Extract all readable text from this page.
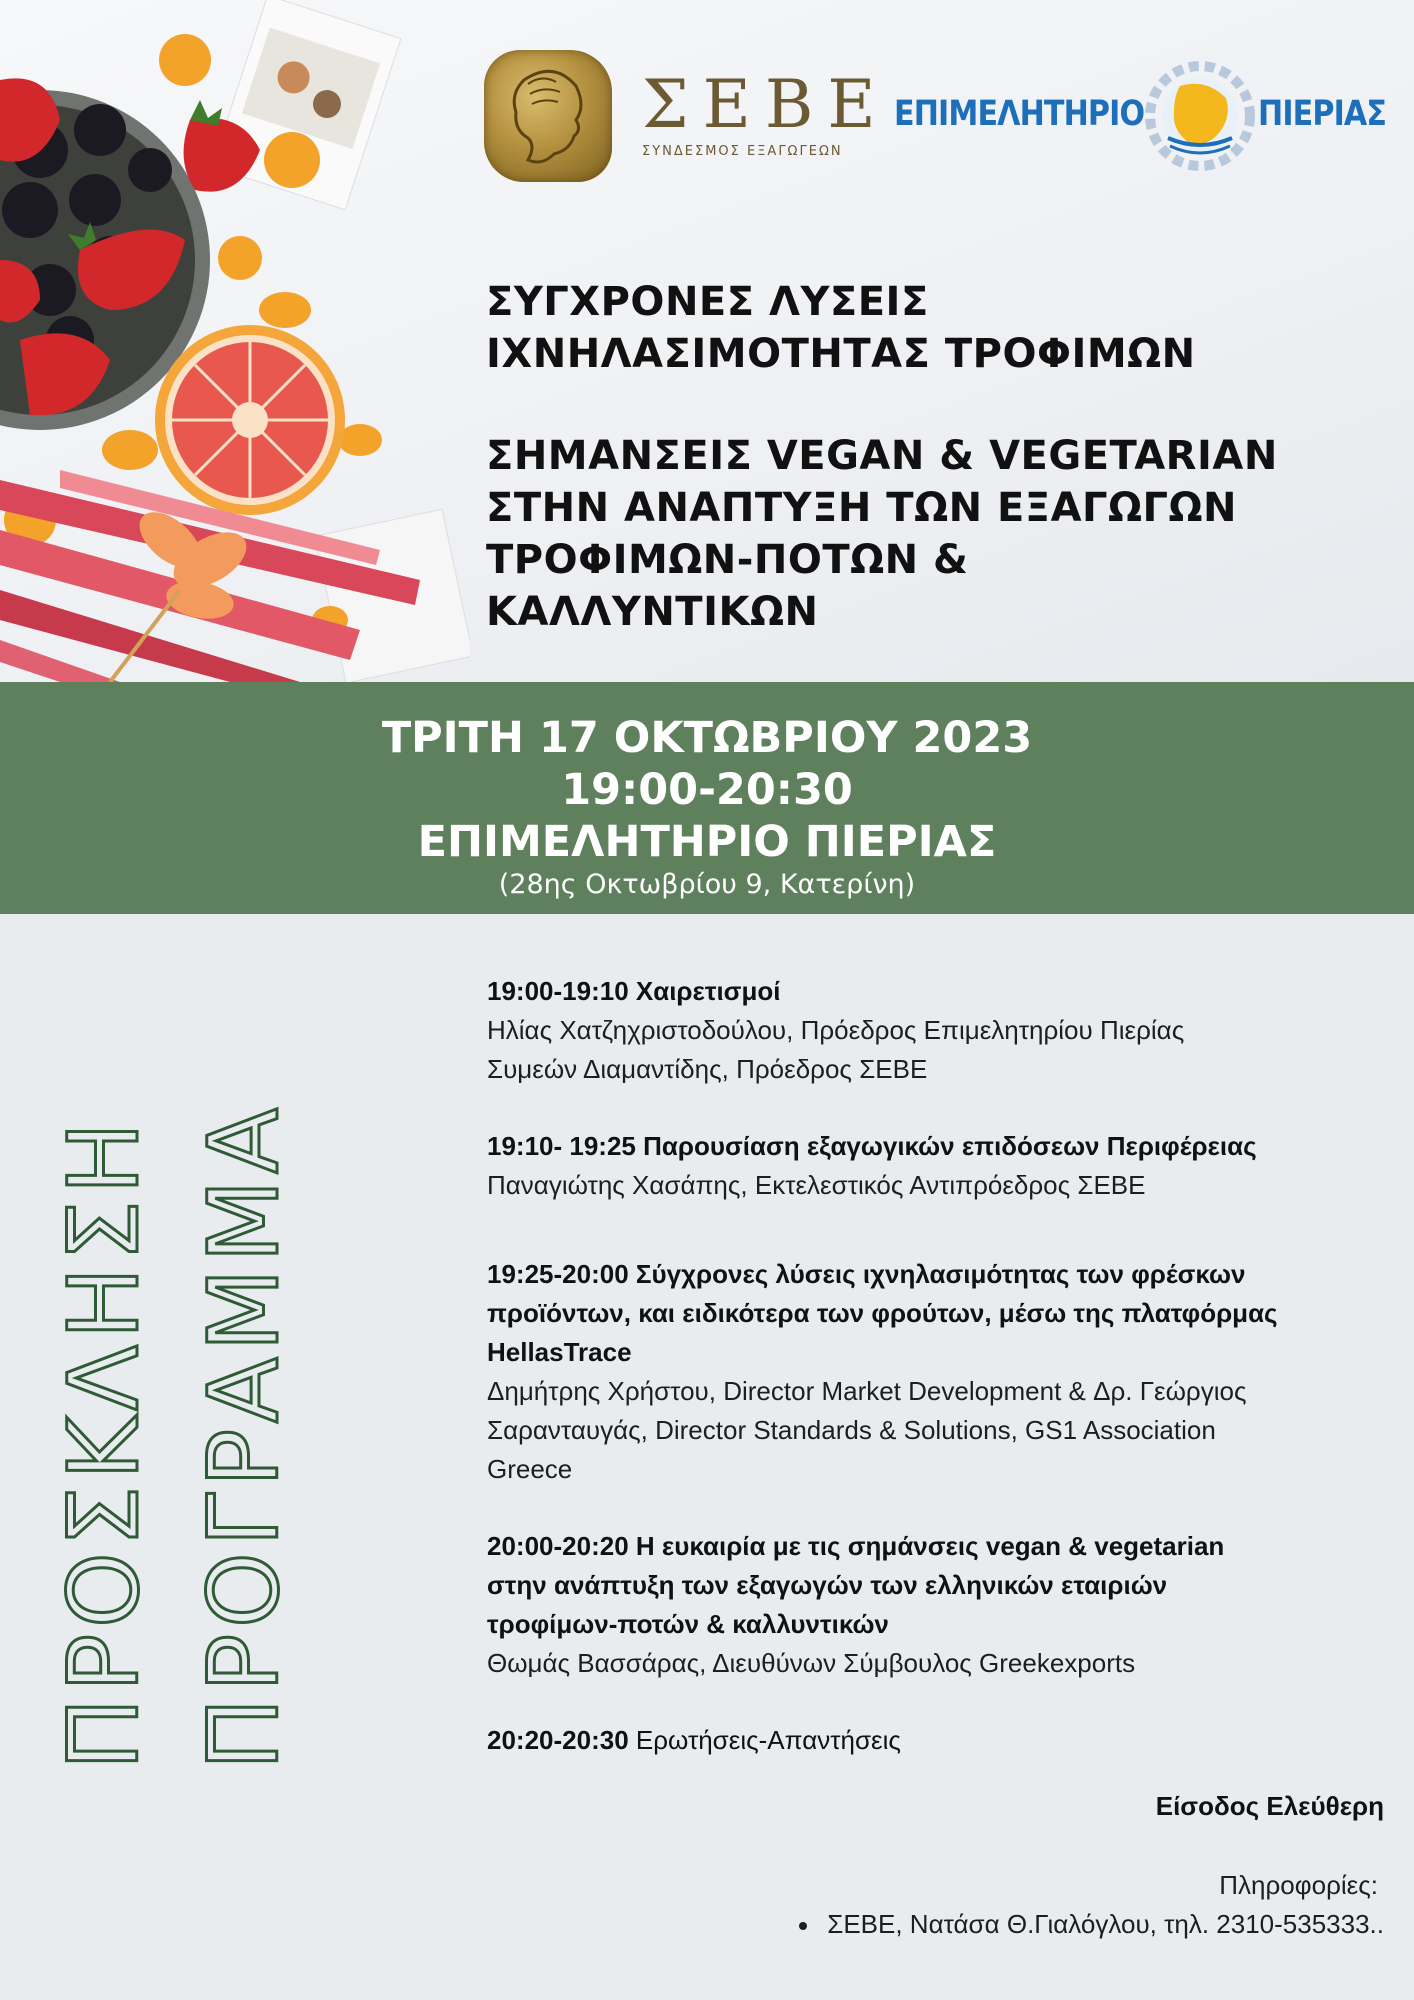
ΣΕΒΕ
ΣΥΝΔΕΣΜΟΣ ΕΞΑΓΩΓΕΩΝ
ΕΠΙΜΕΛΗΤΗΡΙΟ	ΠΙΕΡΙΑΣ
ΣΥΓΧΡΟΝΕΣ ΛΥΣΕΙΣ
ΙΧΝΗΛΑΣΙΜΟΤΗΤΑΣ ΤΡΟΦΙΜΩΝ
ΣΗΜΑΝΣΕΙΣ VEGAN & VEGETARIAN
ΣΤΗΝ ΑΝΑΠΤΥΞΗ ΤΩΝ ΕΞΑΓΩΓΩΝ
ΤΡΟΦΙΜΩΝ-ΠΟΤΩΝ &
ΚΑΛΛΥΝΤΙΚΩΝ
ΤΡΙΤΗ 17 ΟΚΤΩΒΡΙΟΥ 2023
19:00-20:30
ΕΠΙΜΕΛΗΤΗΡΙΟ ΠΙΕΡΙΑΣ
(28ης Οκτωβρίου 9, Κατερίνη)
ΠΡΟΣΚΛΗΣΗ ΠΡΟΓΡΑΜΜΑ
19:00-19:10 Χαιρετισμοί
Ηλίας Χατζηχριστοδούλου, Πρόεδρος Επιμελητηρίου Πιερίας
Συμεών Διαμαντίδης, Πρόεδρος ΣΕΒΕ
19:10- 19:25 Παρουσίαση εξαγωγικών επιδόσεων Περιφέρειας
Παναγιώτης Χασάπης, Εκτελεστικός Αντιπρόεδρος ΣΕΒΕ
19:25-20:00 Σύγχρονες λύσεις ιχνηλασιμότητας των φρέσκων
προϊόντων, και ειδικότερα των φρούτων, μέσω της πλατφόρμας
HellasTrace
Δημήτρης Χρήστου, Director Market Development & Δρ. Γεώργιος
Σαρανταυγάς, Director Standards & Solutions, GS1 Association
Greece
20:00-20:20 Η ευκαιρία με τις σημάνσεις vegan & vegetarian
στην ανάπτυξη των εξαγωγών των ελληνικών εταιριών
τροφίμων-ποτών & καλλυντικών
Θωμάς Βασσάρας, Διευθύνων Σύμβουλος Greekexports
20:20-20:30 Ερωτήσεις-Απαντήσεις
Είσοδος Ελεύθερη
Πληροφορίες:
ΣΕΒΕ, Νατάσα Θ.Γιαλόγλου, τηλ. 2310-535333..
